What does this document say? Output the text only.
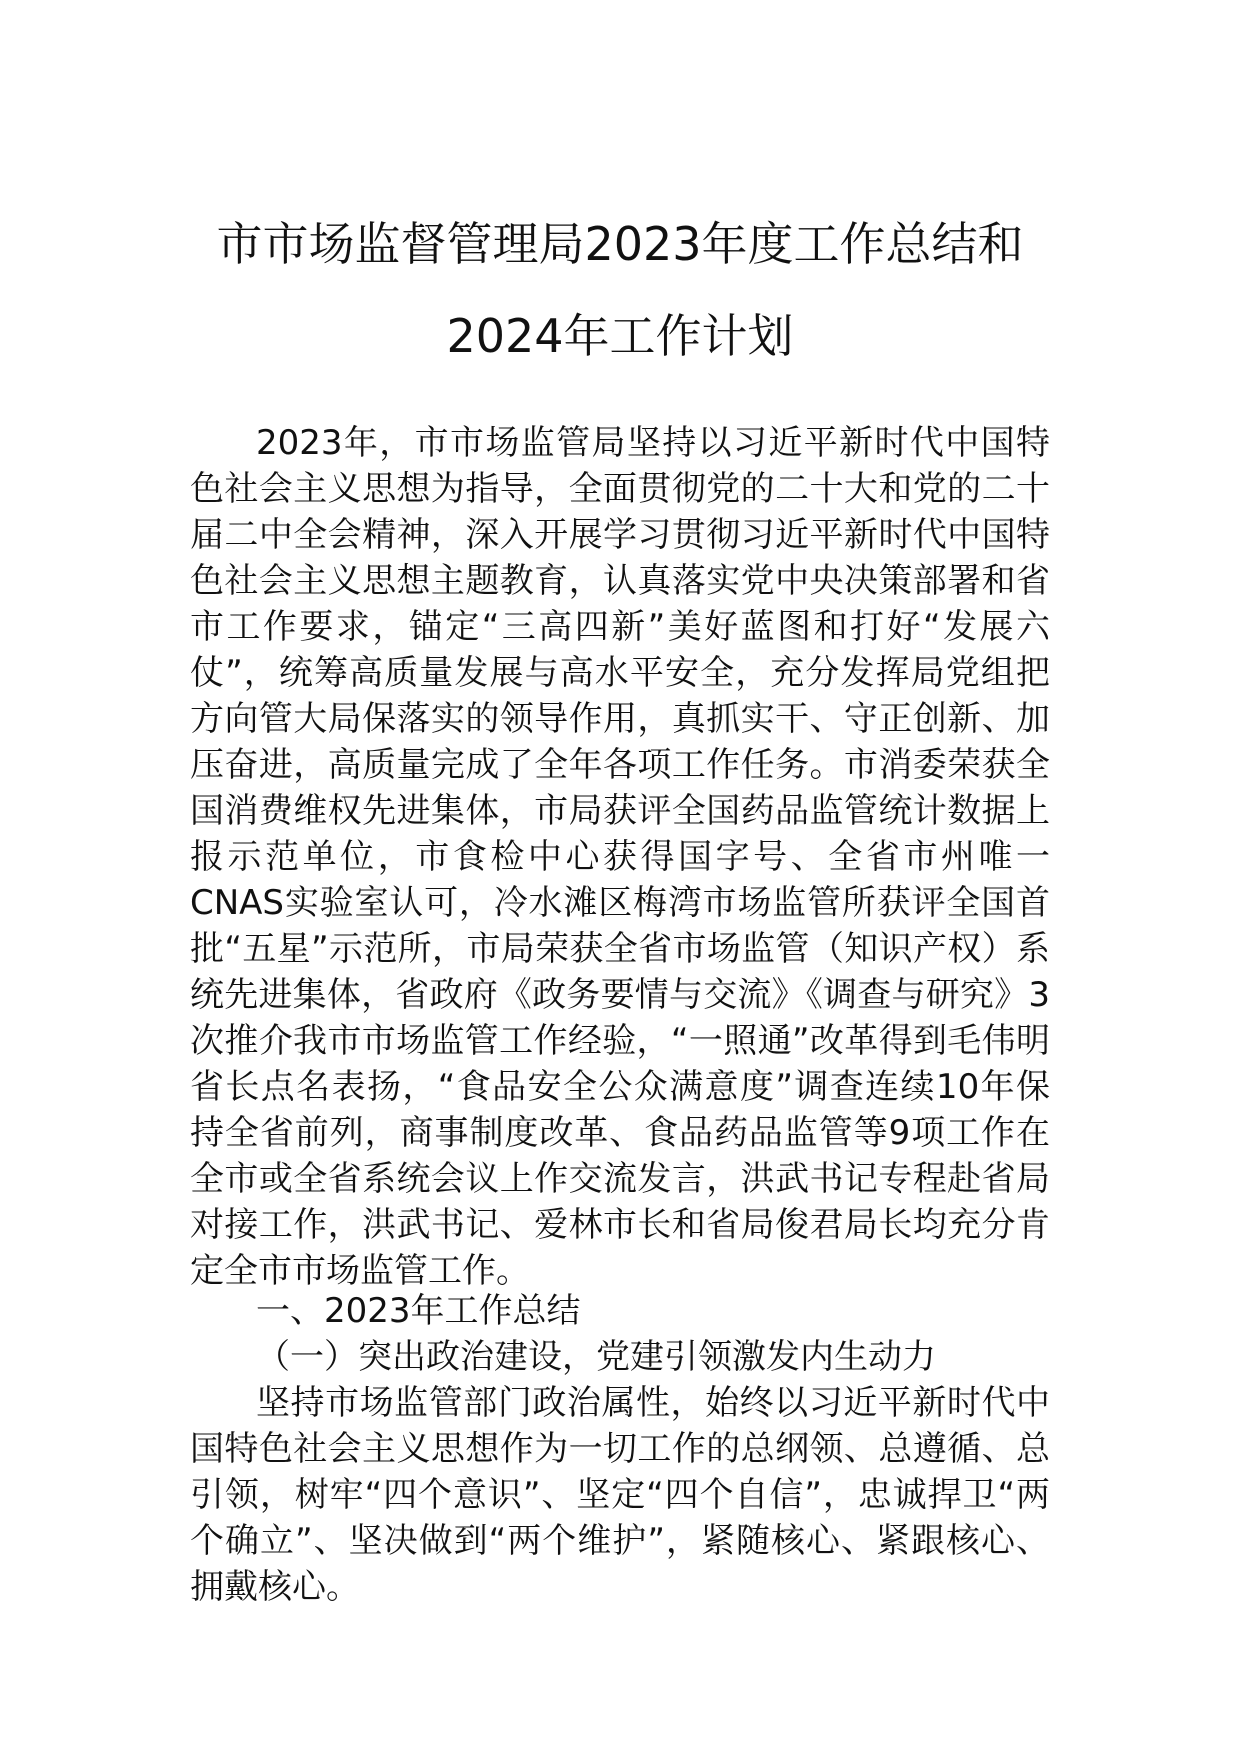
市市场监督管理局2023年度工作总结和
2024年工作计划

2023年，市市场监管局坚持以习近平新时代中国特色社会主义思想为指导，全面贯彻党的二十大和党的二十届二中全会精神，深入开展学习贯彻习近平新时代中国特色社会主义思想主题教育，认真落实党中央决策部署和省市工作要求，锚定“三高四新”美好蓝图和打好“发展六仗”，统筹高质量发展与高水平安全，充分发挥局党组把方向管大局保落实的领导作用，真抓实干、守正创新、加压奋进，高质量完成了全年各项工作任务。市消委荣获全国消费维权先进集体，市局获评全国药品监管统计数据上报示范单位，市食检中心获得国字号、全省市州唯一CNAS实验室认可，冷水滩区梅湾市场监管所获评全国首批“五星”示范所，市局荣获全省市场监管（知识产权）系统先进集体，省政府《政务要情与交流》《调查与研究》3次推介我市市场监管工作经验，“一照通”改革得到毛伟明省长点名表扬，“食品安全公众满意度”调查连续10年保持全省前列，商事制度改革、食品药品监管等9项工作在全市或全省系统会议上作交流发言，洪武书记专程赴省局对接工作，洪武书记、爱林市长和省局俊君局长均充分肯定全市市场监管工作。

一、2023年工作总结

（一）突出政治建设，党建引领激发内生动力

坚持市场监管部门政治属性，始终以习近平新时代中国特色社会主义思想作为一切工作的总纲领、总遵循、总引领，树牢“四个意识”、坚定“四个自信”，忠诚捍卫“两个确立”、坚决做到“两个维护”，紧随核心、紧跟核心、拥戴核心。
